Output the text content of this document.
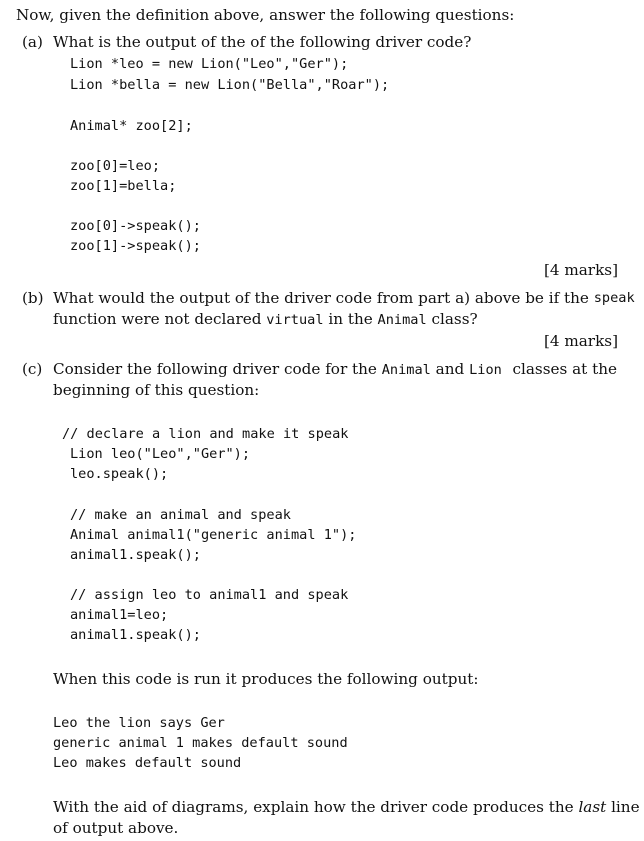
Now, given the definition above, answer the following questions:
(a) What is the output of the of the following driver code?
Lion *leo = new Lion("Leo","Ger");
Lion *bella = new Lion("Bella","Roar");
Animal* zoo[2];
zoo[0]=leo;
zoo[1]=bella;
zoo[0]->speak();
zoo[1]->speak();
[4 marks]
(b) What would the output of the driver code from part a) above be if the speak
function were not declared virtual in the Animal class?
[4 marks]
(c) Consider the following driver code for the Animal and Lion classes at the
beginning of this question:
// declare a lion and make it speak
Lion leo("Leo","Ger");
leo.speak();
// make an animal and speak
Animal animal1("generic animal 1");
animal1.speak();
// assign leo to animal1 and speak
animal1=leo;
animal1.speak();
When this code is run it produces the following output:
Leo the lion says Ger
generic animal 1 makes default sound
Leo makes default sound
With the aid of diagrams, explain how the driver code produces the last line
of output above.
